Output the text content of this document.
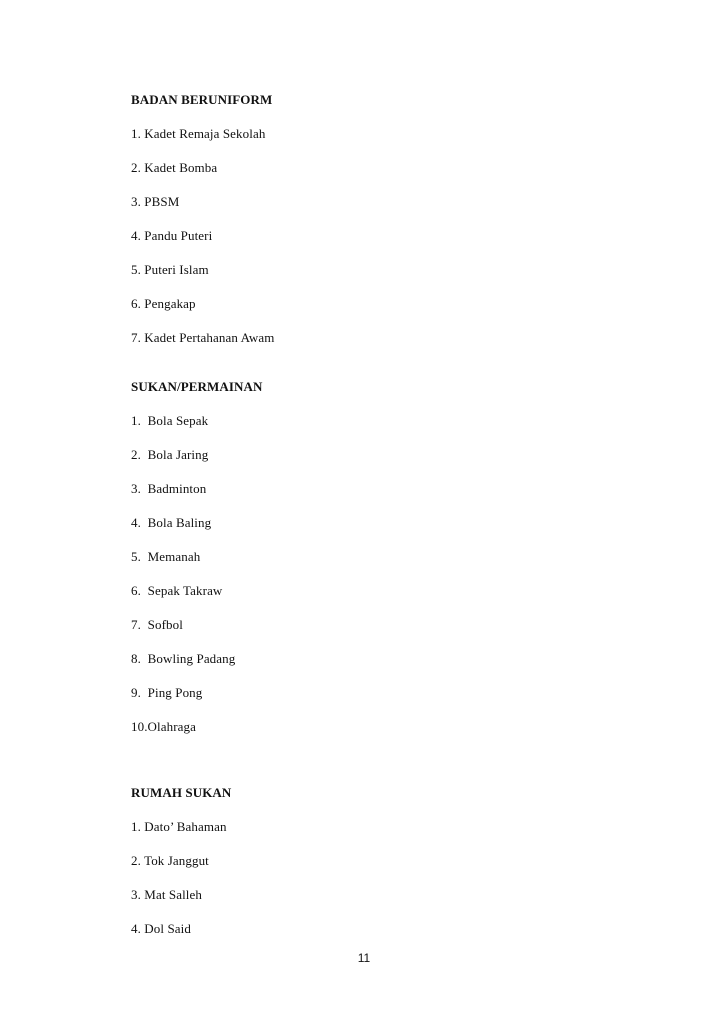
BADAN BERUNIFORM
1. Kadet Remaja Sekolah
2. Kadet Bomba
3. PBSM
4. Pandu Puteri
5. Puteri Islam
6. Pengakap
7. Kadet Pertahanan Awam
SUKAN/PERMAINAN
1.  Bola Sepak
2.  Bola Jaring
3.  Badminton
4.  Bola Baling
5.  Memanah
6.  Sepak Takraw
7.  Sofbol
8.  Bowling Padang
9.  Ping Pong
10.Olahraga
RUMAH SUKAN
1. Dato’ Bahaman
2. Tok Janggut
3. Mat Salleh
4. Dol Said
11
